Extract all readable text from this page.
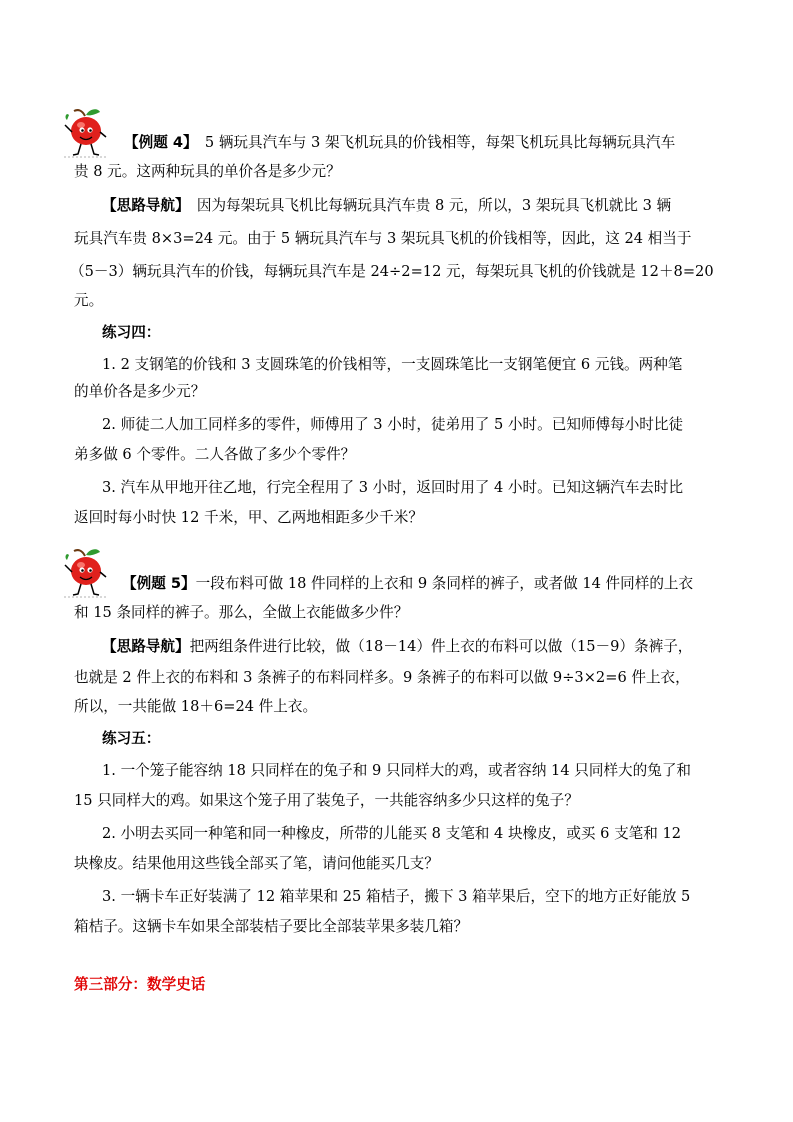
【例题 4】　5 辆玩具汽车与 3 架飞机玩具的价钱相等，每架飞机玩具比每辆玩具汽车
贵 8 元。这两种玩具的单价各是多少元？
【思路导航】　因为每架玩具飞机比每辆玩具汽车贵 8 元，所以，3 架玩具飞机就比 3 辆
玩具汽车贵 8×3=24 元。由于 5 辆玩具汽车与 3 架玩具飞机的价钱相等，因此，这 24 相当于
（5－3）辆玩具汽车的价钱，每辆玩具汽车是 24÷2=12 元，每架玩具飞机的价钱就是 12＋8=20
元。
练习四：
1. 2 支钢笔的价钱和 3 支圆珠笔的价钱相等，一支圆珠笔比一支钢笔便宜 6 元钱。两种笔
的单价各是多少元？
2. 师徒二人加工同样多的零件，师傅用了 3 小时，徒弟用了 5 小时。已知师傅每小时比徒
弟多做 6 个零件。二人各做了多少个零件？
3. 汽车从甲地开往乙地，行完全程用了 3 小时，返回时用了 4 小时。已知这辆汽车去时比
返回时每小时快 12 千米，甲、乙两地相距多少千米？
【例题 5】一段布料可做 18 件同样的上衣和 9 条同样的裤子，或者做 14 件同样的上衣
和 15 条同样的裤子。那么，全做上衣能做多少件？
【思路导航】把两组条件进行比较，做（18－14）件上衣的布料可以做（15－9）条裤子，
也就是 2 件上衣的布料和 3 条裤子的布料同样多。9 条裤子的布料可以做 9÷3×2=6 件上衣，
所以，一共能做 18＋6=24 件上衣。
练习五：
1. 一个笼子能容纳 18 只同样在的兔子和 9 只同样大的鸡，或者容纳 14 只同样大的兔了和
15 只同样大的鸡。如果这个笼子用了装兔子，一共能容纳多少只这样的兔子？
2. 小明去买同一种笔和同一种橡皮，所带的儿能买 8 支笔和 4 块橡皮，或买 6 支笔和 12
块橡皮。结果他用这些钱全部买了笔，请问他能买几支？
3. 一辆卡车正好装满了 12 箱苹果和 25 箱桔子，搬下 3 箱苹果后，空下的地方正好能放 5
箱桔子。这辆卡车如果全部装桔子要比全部装苹果多装几箱？
第三部分：数学史话
